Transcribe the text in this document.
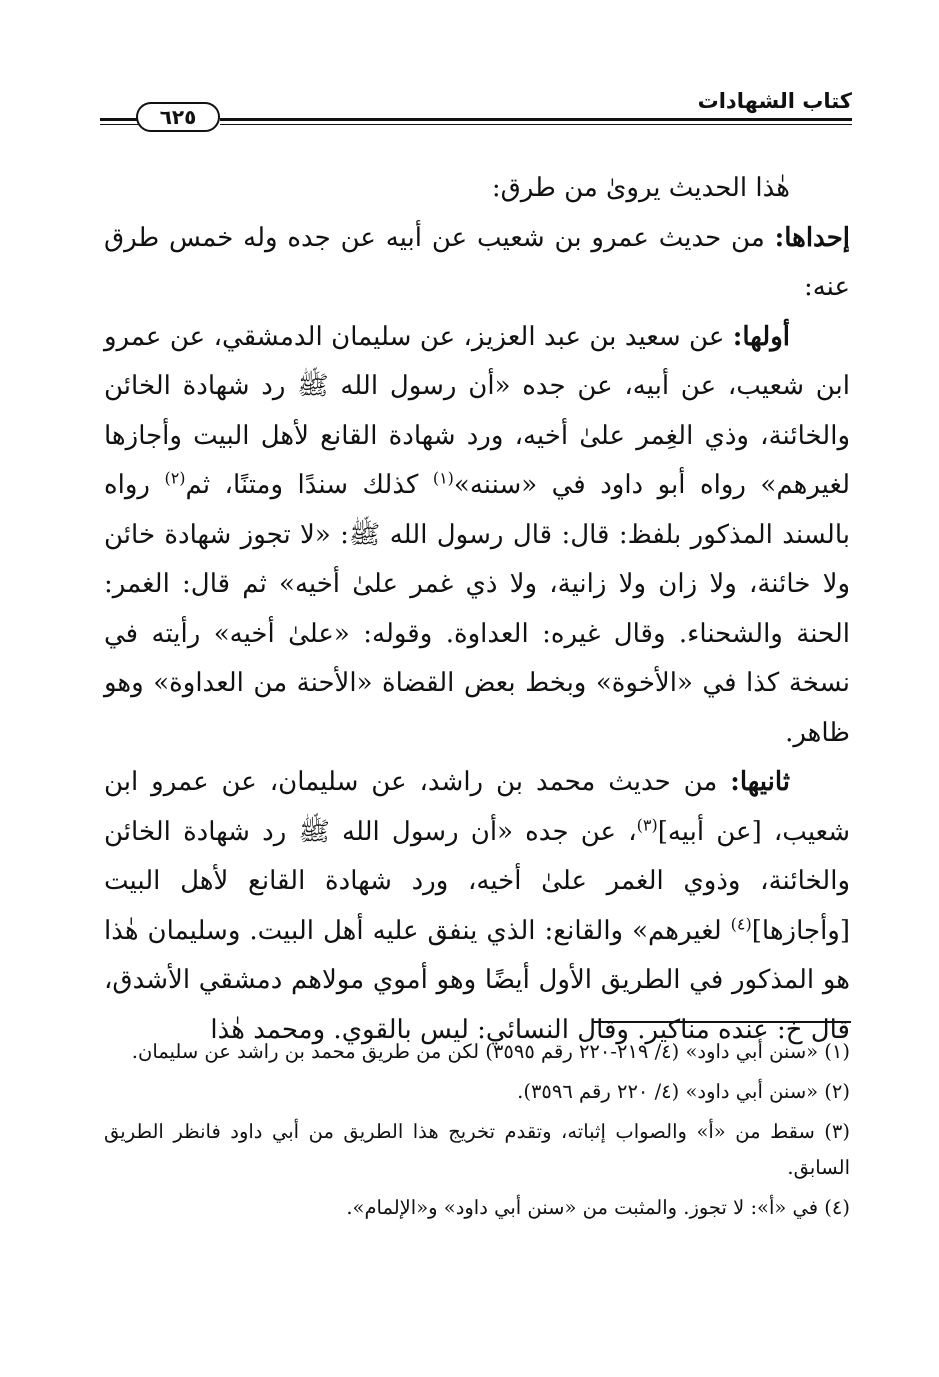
كتاب الشهادات
٦٢٥

هٰذا الحديث يرویٰ من طرق:

إحداها: من حديث عمرو بن شعيب عن أبيه عن جده وله خمس طرق عنه:

أولها: عن سعيد بن عبد العزيز، عن سليمان الدمشقي، عن عمرو ابن شعيب، عن أبيه، عن جده «أن رسول الله ﷺ رد شهادة الخائن والخائنة، وذي الغِمر علىٰ أخيه، ورد شهادة القانع لأهل البيت وأجازها لغيرهم» رواه أبو داود في «سننه»$^{(١)}$ كذلك سندًا ومتنًا، ثم$^{(٢)}$ رواه بالسند المذكور بلفظ: قال: قال رسول الله ﷺ: «لا تجوز شهادة خائن ولا خائنة، ولا زان ولا زانية، ولا ذي غمر علىٰ أخيه» ثم قال: الغمر: الحنة والشحناء. وقال غيره: العداوة. وقوله: «علىٰ أخيه» رأيته في نسخة كذا في «الأخوة» وبخط بعض القضاة «الأحنة من العداوة» وهو ظاهر.

ثانيها: من حديث محمد بن راشد، عن سليمان، عن عمرو ابن شعيب، [عن أبيه]$^{(٣)}$، عن جده «أن رسول الله ﷺ رد شهادة الخائن والخائنة، وذوي الغمر علىٰ أخيه، ورد شهادة القانع لأهل البيت [وأجازها]$^{(٤)}$ لغيرهم» والقانع: الذي ينفق عليه أهل البيت. وسليمان هٰذا هو المذكور في الطريق الأول أيضًا وهو أموي مولاهم دمشقي الأشدق، قال خ: عنده مناكير. وقال النسائي: ليس بالقوي. ومحمد هٰذا

(١) «سنن أبي داود» (٤/ ٢١٩-٢٢٠ رقم ٣٥٩٥) لكن من طريق محمد بن راشد عن سليمان.

(٢) «سنن أبي داود» (٤/ ٢٢٠ رقم ٣٥٩٦).

(٣) سقط من «أ» والصواب إثباته، وتقدم تخريج هذا الطريق من أبي داود فانظر الطريق السابق.

(٤) في «أ»: لا تجوز. والمثبت من «سنن أبي داود» و«الإلمام».
